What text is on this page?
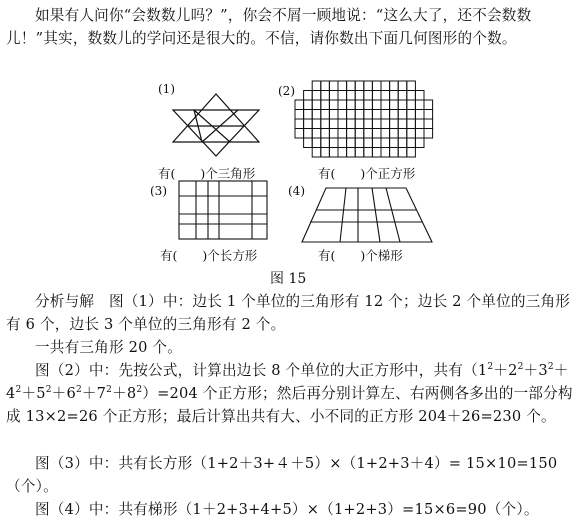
如果有人问你“会数数儿吗？”，你会不屑一顾地说：“这么大了，还不会数数儿！”其实，数数儿的学问还是很大的。不信，请你数出下面几何图形的个数。
(1)
有(　　)个三角形
(2)
有(　　)个正方形
(3)
有(　　)个长方形
(4)
有(　　)个梯形
图 15
分析与解　图（1）中：边长 1 个单位的三角形有 12 个；边长 2 个单位的三角形有 6 个，边长 3 个单位的三角形有 2 个。
一共有三角形 20 个。
图（2）中：先按公式，计算出边长 8 个单位的大正方形中，共有$(1^2+2^2+3^2+4^2+5^2+6^2+7^2+8^2)=204$ 个正方形；然后再分别计算左、右两侧各多出的一部分构成 13×2=26 个正方形；最后计算出共有大、小不同的正方形 204＋26=230 个。
图（3）中：共有长方形（1+2＋3+４＋5）×（1+2+3＋4）= 15×10=150（个）。
图（4）中：共有梯形（1＋2+3+4+5）×（1+2+3）=15×6=90（个）。
